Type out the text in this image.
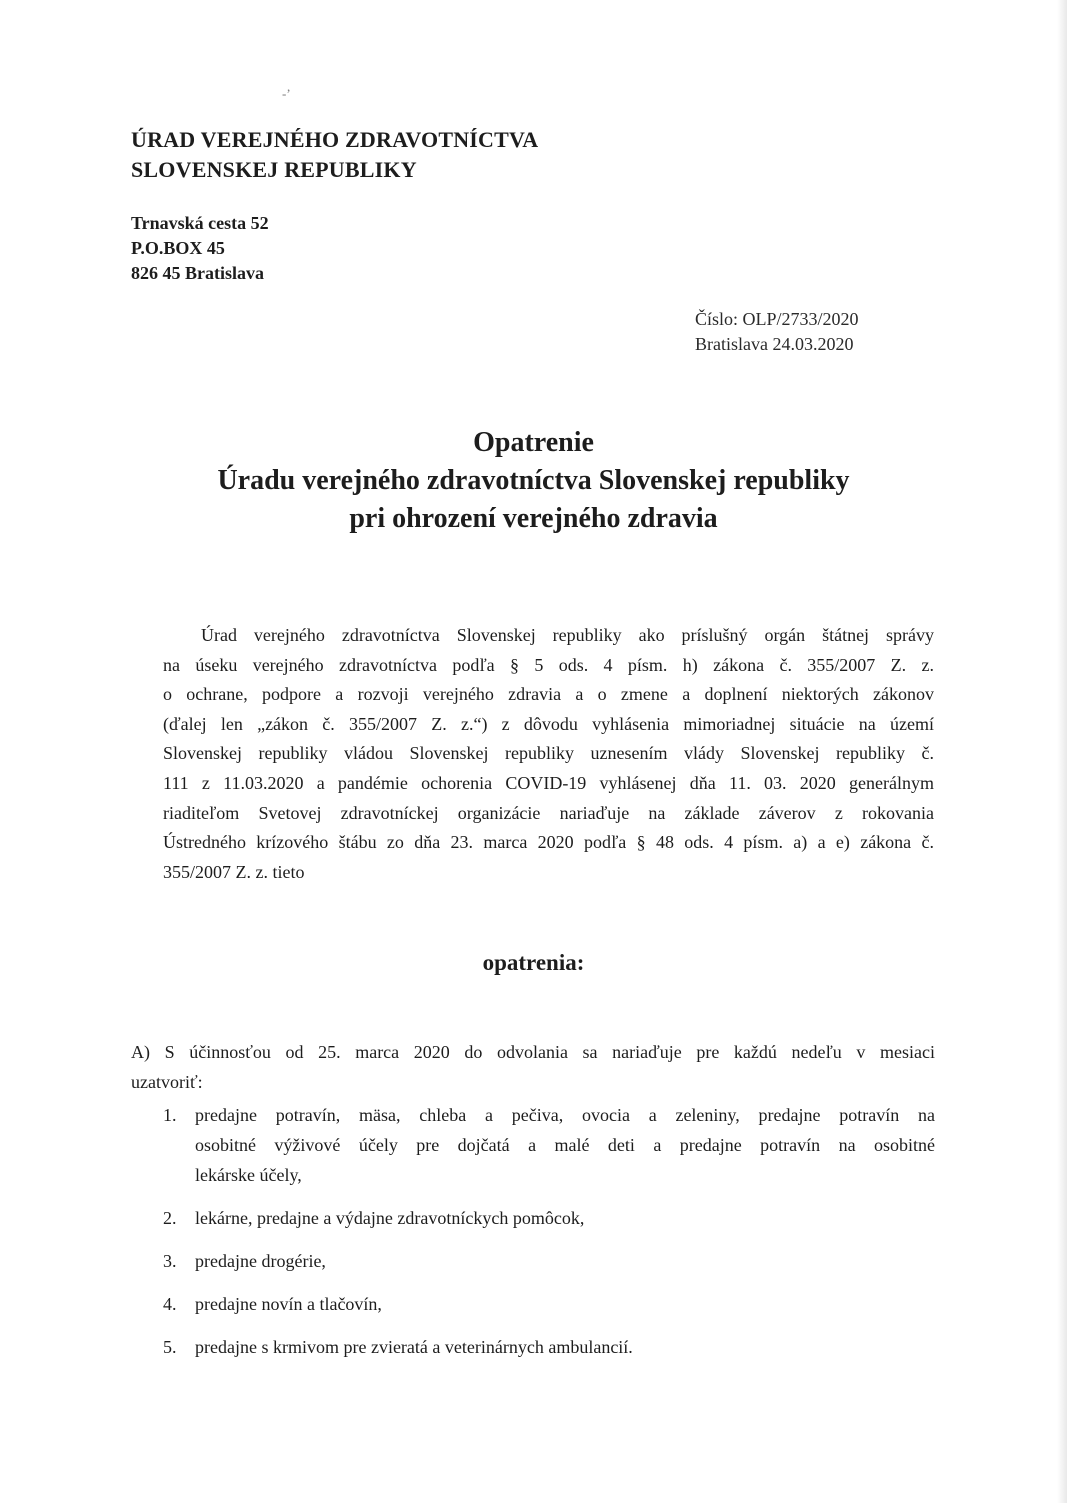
-ʼ
ÚRAD VEREJNÉHO ZDRAVOTNÍCTVA
SLOVENSKEJ REPUBLIKY
Trnavská cesta 52
P.O.BOX 45
826 45 Bratislava
Číslo: OLP/2733/2020
Bratislava 24.03.2020
Opatrenie
Úradu verejného zdravotníctva Slovenskej republiky
pri ohrození verejného zdravia
Úrad verejného zdravotníctva Slovenskej republiky ako príslušný orgán štátnej správy
na úseku verejného zdravotníctva podľa § 5 ods. 4 písm. h) zákona č. 355/2007 Z. z.
o ochrane, podpore a rozvoji verejného zdravia a o zmene a doplnení niektorých zákonov
(ďalej len „zákon č. 355/2007 Z. z.“) z dôvodu vyhlásenia mimoriadnej situácie na území
Slovenskej republiky vládou Slovenskej republiky uznesením vlády Slovenskej republiky č.
111 z 11.03.2020 a pandémie ochorenia COVID-19 vyhlásenej dňa 11. 03. 2020 generálnym
riaditeľom Svetovej zdravotníckej organizácie nariaďuje na základe záverov z rokovania
Ústredného krízového štábu zo dňa 23. marca 2020 podľa § 48 ods. 4 písm. a) a e) zákona č.
355/2007 Z. z. tieto
opatrenia:
A) S účinnosťou od 25. marca 2020 do odvolania sa nariaďuje pre každú nedeľu v mesiaci
uzatvoriť:
1. predajne potravín, mäsa, chleba a pečiva, ovocia a zeleniny, predajne potravín na
osobitné výživové účely pre dojčatá a malé deti a predajne potravín na osobitné
lekárske účely,
2. lekárne, predajne a výdajne zdravotníckych pomôcok,
3. predajne drogérie,
4. predajne novín a tlačovín,
5. predajne s krmivom pre zvieratá a veterinárnych ambulancií.
